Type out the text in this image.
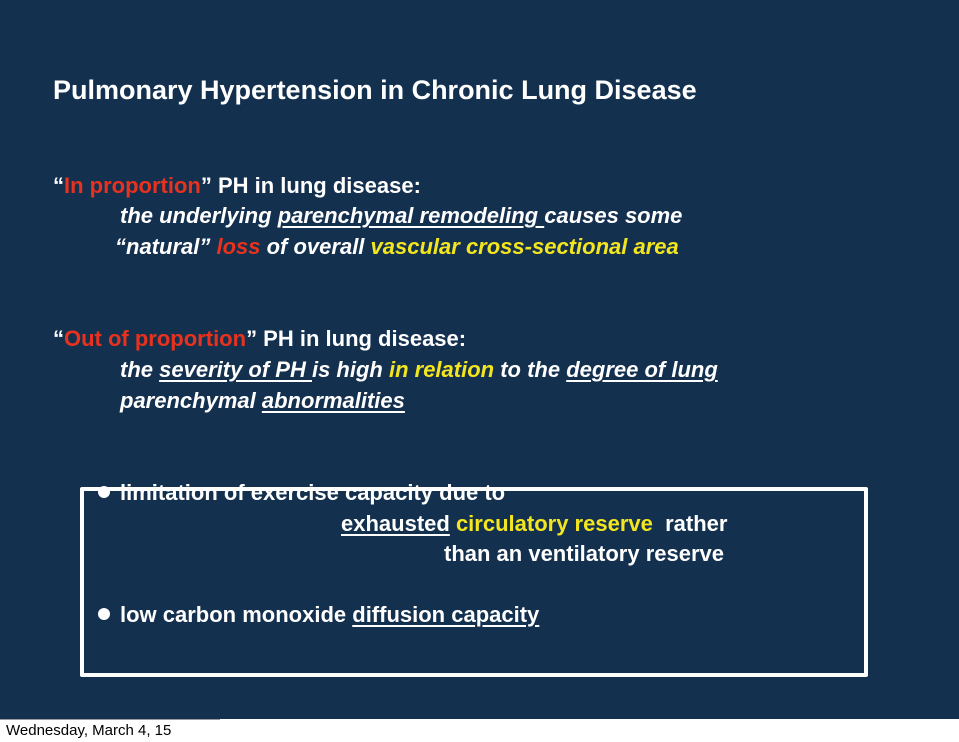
Pulmonary Hypertension in Chronic Lung Disease
“In proportion” PH in lung disease:
the underlying parenchymal remodeling causes some
“natural” loss of overall vascular cross-sectional area
“Out of proportion” PH in lung disease:
the severity of PH is high in relation to the degree of lung
parenchymal abnormalities
limitation of exercise capacity due to
exhausted circulatory reserve  rather
than an ventilatory reserve
low carbon monoxide diffusion capacity
Wednesday, March 4, 15
